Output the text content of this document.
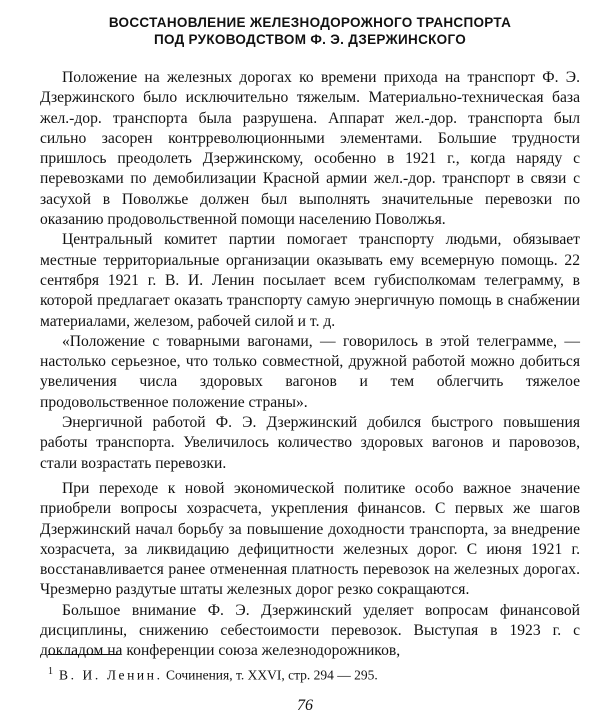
ВОССТАНОВЛЕНИЕ ЖЕЛЕЗНОДОРОЖНОГО ТРАНСПОРТА
ПОД РУКОВОДСТВОМ Ф. Э. ДЗЕРЖИНСКОГО

Положение на железных дорогах ко времени прихода на транспорт Ф. Э. Дзержинского было исключительно тяжелым. Материально-техническая база жел.-дор. транспорта была разрушена. Аппарат жел.-дор. транспорта был сильно засорен контрреволюционными элементами. Большие трудности пришлось преодолеть Дзержинскому, особенно в 1921 г., когда наряду с перевозками по демобилизации Красной армии жел.-дор. транспорт в связи с засухой в Поволжье должен был выполнять значительные перевозки по оказанию продовольственной помощи населению Поволжья.

Центральный комитет партии помогает транспорту людьми, обязывает местные территориальные организации оказывать ему всемерную помощь. 22 сентября 1921 г. В. И. Ленин посылает всем губисполкомам телеграмму, в которой предлагает оказать транспорту самую энергичную помощь в снабжении материалами, железом, рабочей силой и т. д.

«Положение с товарными вагонами, — говорилось в этой телеграмме, — настолько серьезное, что только совместной, дружной работой можно добиться увеличения числа здоровых вагонов и тем облегчить тяжелое продовольственное положение страны».

Энергичной работой Ф. Э. Дзержинский добился быстрого повышения работы транспорта. Увеличилось количество здоровых вагонов и паровозов, стали возрастать перевозки.

При переходе к новой экономической политике особо важное значение приобрели вопросы хозрасчета, укрепления финансов. С первых же шагов Дзержинский начал борьбу за повышение доходности транспорта, за внедрение хозрасчета, за ликвидацию дефицитности железных дорог. С июня 1921 г. восстанавливается ранее отмененная платность перевозок на железных дорогах. Чрезмерно раздутые штаты железных дорог резко сокращаются.

Большое внимание Ф. Э. Дзержинский уделяет вопросам финансовой дисциплины, снижению себестоимости перевозок. Выступая в 1923 г. с докладом на конференции союза железнодорожников,

$^1$ В. И. Ленин. Сочинения, т. XXVI, стр. 294 — 295.
76
